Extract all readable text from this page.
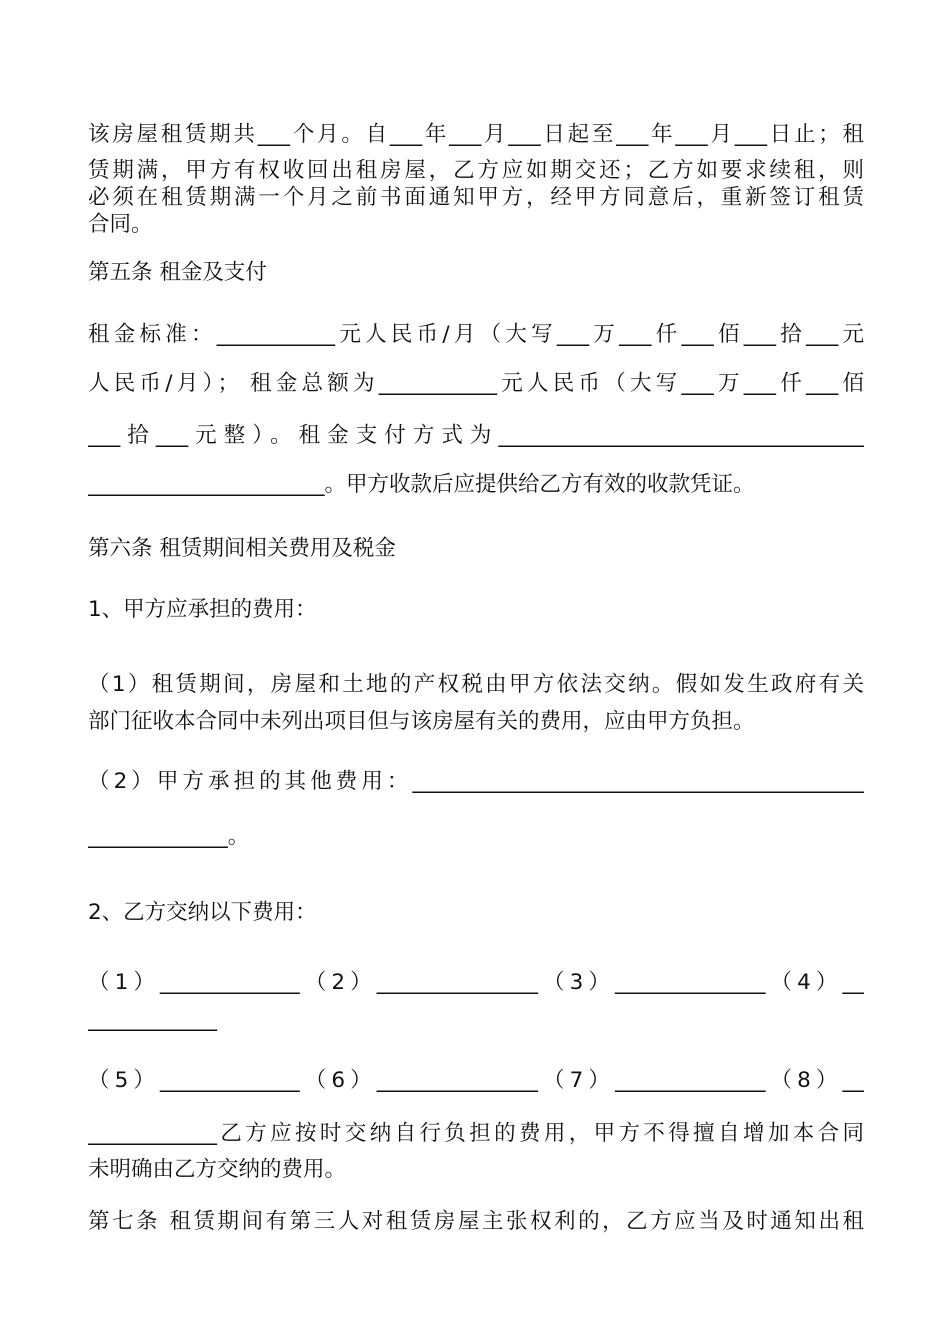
该房屋租赁期共___个月。自___年___月___日起至___年___月___日止；租
赁期满，甲方有权收回出租房屋，乙方应如期交还；乙方如要求续租，则
必须在租赁期满一个月之前书面通知甲方，经甲方同意后，重新签订租赁
合同。
第五条 租金及支付
租金标准：___________元人民币/月（大写___万___仟___佰___拾___元
人民币/月）； 租金总额为___________元人民币（大写___万___仟___佰
___拾___元整）。租金支付方式为__________________________________
______________________。甲方收款后应提供给乙方有效的收款凭证。
第六条 租赁期间相关费用及税金
1、甲方应承担的费用：
（1）租赁期间，房屋和土地的产权税由甲方依法交纳。假如发生政府有关
部门征收本合同中未列出项目但与该房屋有关的费用，应由甲方负担。
（2）甲方承担的其他费用：__________________________________________
_____________。
2、乙方交纳以下费用：
（1）_____________（2）_______________（3）______________（4）__
____________
（5）_____________（6）_______________（7）______________（8）__
____________乙方应按时交纳自行负担的费用，甲方不得擅自增加本合同
未明确由乙方交纳的费用。
第七条 租赁期间有第三人对租赁房屋主张权利的，乙方应当及时通知出租
